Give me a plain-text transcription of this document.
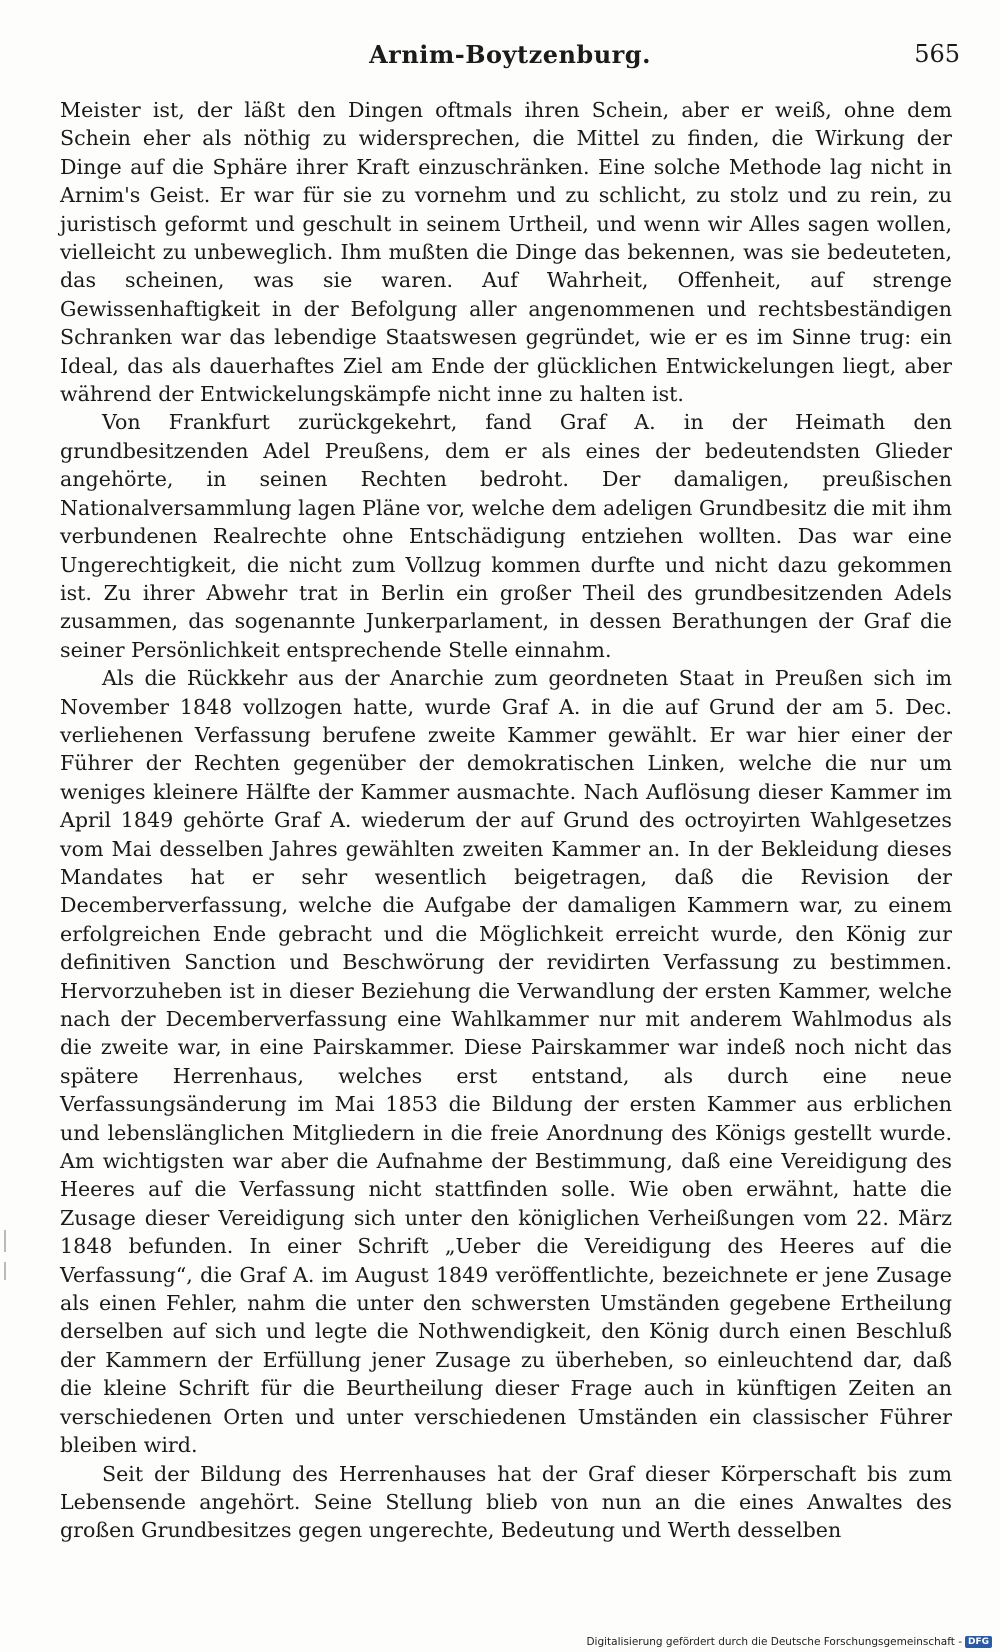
Arnim-Boytzenburg.	565

Meister ist, der läßt den Dingen oftmals ihren Schein, aber er weiß, ohne dem Schein eher als nöthig zu widersprechen, die Mittel zu finden, die Wirkung der Dinge auf die Sphäre ihrer Kraft einzuschränken. Eine solche Methode lag nicht in Arnim's Geist. Er war für sie zu vornehm und zu schlicht, zu stolz und zu rein, zu juristisch geformt und geschult in seinem Urtheil, und wenn wir Alles sagen wollen, vielleicht zu unbeweglich. Ihm mußten die Dinge das bekennen, was sie bedeuteten, das scheinen, was sie waren. Auf Wahrheit, Offenheit, auf strenge Gewissenhaftigkeit in der Befolgung aller angenommenen und rechtsbeständigen Schranken war das lebendige Staatswesen gegründet, wie er es im Sinne trug: ein Ideal, das als dauerhaftes Ziel am Ende der glücklichen Entwickelungen liegt, aber während der Entwickelungskämpfe nicht inne zu halten ist.

Von Frankfurt zurückgekehrt, fand Graf A. in der Heimath den grundbesitzenden Adel Preußens, dem er als eines der bedeutendsten Glieder angehörte, in seinen Rechten bedroht. Der damaligen, preußischen Nationalversammlung lagen Pläne vor, welche dem adeligen Grundbesitz die mit ihm verbundenen Realrechte ohne Entschädigung entziehen wollten. Das war eine Ungerechtigkeit, die nicht zum Vollzug kommen durfte und nicht dazu gekommen ist. Zu ihrer Abwehr trat in Berlin ein großer Theil des grundbesitzenden Adels zusammen, das sogenannte Junkerparlament, in dessen Berathungen der Graf die seiner Persönlichkeit entsprechende Stelle einnahm.

Als die Rückkehr aus der Anarchie zum geordneten Staat in Preußen sich im November 1848 vollzogen hatte, wurde Graf A. in die auf Grund der am 5. Dec. verliehenen Verfassung berufene zweite Kammer gewählt. Er war hier einer der Führer der Rechten gegenüber der demokratischen Linken, welche die nur um weniges kleinere Hälfte der Kammer ausmachte. Nach Auflösung dieser Kammer im April 1849 gehörte Graf A. wiederum der auf Grund des octroyirten Wahlgesetzes vom Mai desselben Jahres gewählten zweiten Kammer an. In der Bekleidung dieses Mandates hat er sehr wesentlich beigetragen, daß die Revision der Decemberverfassung, welche die Aufgabe der damaligen Kammern war, zu einem erfolgreichen Ende gebracht und die Möglichkeit erreicht wurde, den König zur definitiven Sanction und Beschwörung der revidirten Verfassung zu bestimmen. Hervorzuheben ist in dieser Beziehung die Verwandlung der ersten Kammer, welche nach der Decemberverfassung eine Wahlkammer nur mit anderem Wahlmodus als die zweite war, in eine Pairskammer. Diese Pairskammer war indeß noch nicht das spätere Herrenhaus, welches erst entstand, als durch eine neue Verfassungsänderung im Mai 1853 die Bildung der ersten Kammer aus erblichen und lebenslänglichen Mitgliedern in die freie Anordnung des Königs gestellt wurde. Am wichtigsten war aber die Aufnahme der Bestimmung, daß eine Vereidigung des Heeres auf die Verfassung nicht stattfinden solle. Wie oben erwähnt, hatte die Zusage dieser Vereidigung sich unter den königlichen Verheißungen vom 22. März 1848 befunden. In einer Schrift „Ueber die Vereidigung des Heeres auf die Verfassung“, die Graf A. im August 1849 veröffentlichte, bezeichnete er jene Zusage als einen Fehler, nahm die unter den schwersten Umständen gegebene Ertheilung derselben auf sich und legte die Nothwendigkeit, den König durch einen Beschluß der Kammern der Erfüllung jener Zusage zu überheben, so einleuchtend dar, daß die kleine Schrift für die Beurtheilung dieser Frage auch in künftigen Zeiten an verschiedenen Orten und unter verschiedenen Umständen ein classischer Führer bleiben wird.

Seit der Bildung des Herrenhauses hat der Graf dieser Körperschaft bis zum Lebensende angehört. Seine Stellung blieb von nun an die eines Anwaltes des großen Grundbesitzes gegen ungerechte, Bedeutung und Werth desselben

Digitalisierung gefördert durch die Deutsche Forschungsgemeinschaft - DFG
